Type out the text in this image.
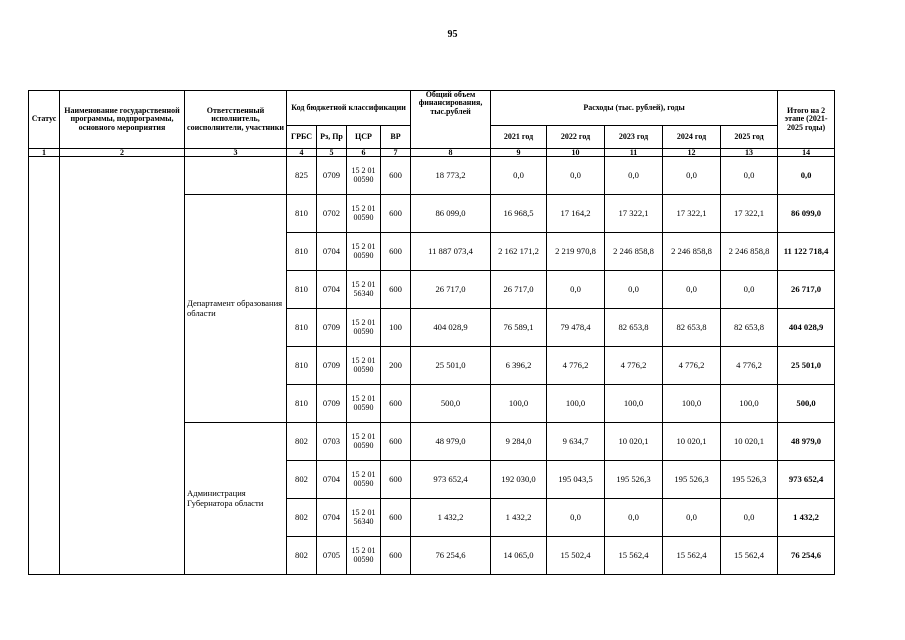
95
Статус	Наименование государственной программы, подпрограммы, основного мероприятия	Ответственный исполнитель, соисполнители, участники	Код бюджетной классификации				Общий объем финансирования, тыс.рублей	Расходы (тыс. рублей), годы					Итого на 2 этапе (2021-2025 годы)
			ГРБС	Рз, Пр	ЦСР	ВР		2021 год	2022 год	2023 год	2024 год	2025 год	
1	2	3	4	5	6	7	8	9	10	11	12	13	14
			825	0709	15 2 01 00590	600	18 773,2	0,0	0,0	0,0	0,0	0,0	0,0
		Департамент образования области	810	0702	15 2 01 00590	600	86 099,0	16 968,5	17 164,2	17 322,1	17 322,1	17 322,1	86 099,0
			810	0704	15 2 01 00590	600	11 887 073,4	2 162 171,2	2 219 970,8	2 246 858,8	2 246 858,8	2 246 858,8	11 122 718,4
			810	0704	15 2 01 56340	600	26 717,0	26 717,0	0,0	0,0	0,0	0,0	26 717,0
			810	0709	15 2 01 00590	100	404 028,9	76 589,1	79 478,4	82 653,8	82 653,8	82 653,8	404 028,9
			810	0709	15 2 01 00590	200	25 501,0	6 396,2	4 776,2	4 776,2	4 776,2	4 776,2	25 501,0
			810	0709	15 2 01 00590	600	500,0	100,0	100,0	100,0	100,0	100,0	500,0
		Администрация Губернатора области	802	0703	15 2 01 00590	600	48 979,0	9 284,0	9 634,7	10 020,1	10 020,1	10 020,1	48 979,0
			802	0704	15 2 01 00590	600	973 652,4	192 030,0	195 043,5	195 526,3	195 526,3	195 526,3	973 652,4
			802	0704	15 2 01 56340	600	1 432,2	1 432,2	0,0	0,0	0,0	0,0	1 432,2
			802	0705	15 2 01 00590	600	76 254,6	14 065,0	15 502,4	15 562,4	15 562,4	15 562,4	76 254,6
